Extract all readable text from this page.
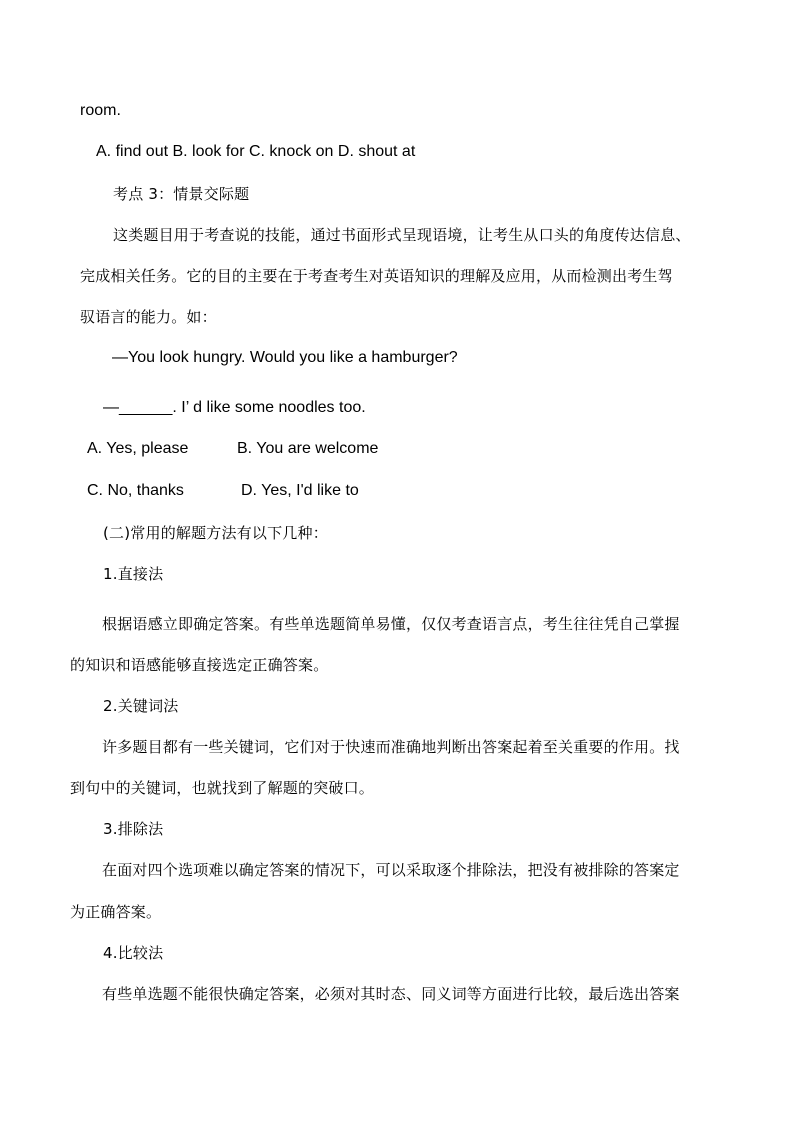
room.
A. find out B. look for C. knock on D. shout at
考点 3：情景交际题
这类题目用于考查说的技能，通过书面形式呈现语境，让考生从口头的角度传达信息、
完成相关任务。它的目的主要在于考查考生对英语知识的理解及应用，从而检测出考生驾
驭语言的能力。如：
—You look hungry. Would you like a hamburger?
—______. I’ d like some noodles too.
A. Yes, please	B. You are welcome
C. No, thanks	D. Yes, I'd like to
(二)常用的解题方法有以下几种：
1.直接法
根据语感立即确定答案。有些单选题简单易懂，仅仅考查语言点，考生往往凭自己掌握
的知识和语感能够直接选定正确答案。
2.关键词法
许多题目都有一些关键词，它们对于快速而准确地判断出答案起着至关重要的作用。找
到句中的关键词，也就找到了解题的突破口。
3.排除法
在面对四个选项难以确定答案的情况下，可以采取逐个排除法，把没有被排除的答案定
为正确答案。
4.比较法
有些单选题不能很快确定答案，必须对其时态、同义词等方面进行比较，最后选出答案
